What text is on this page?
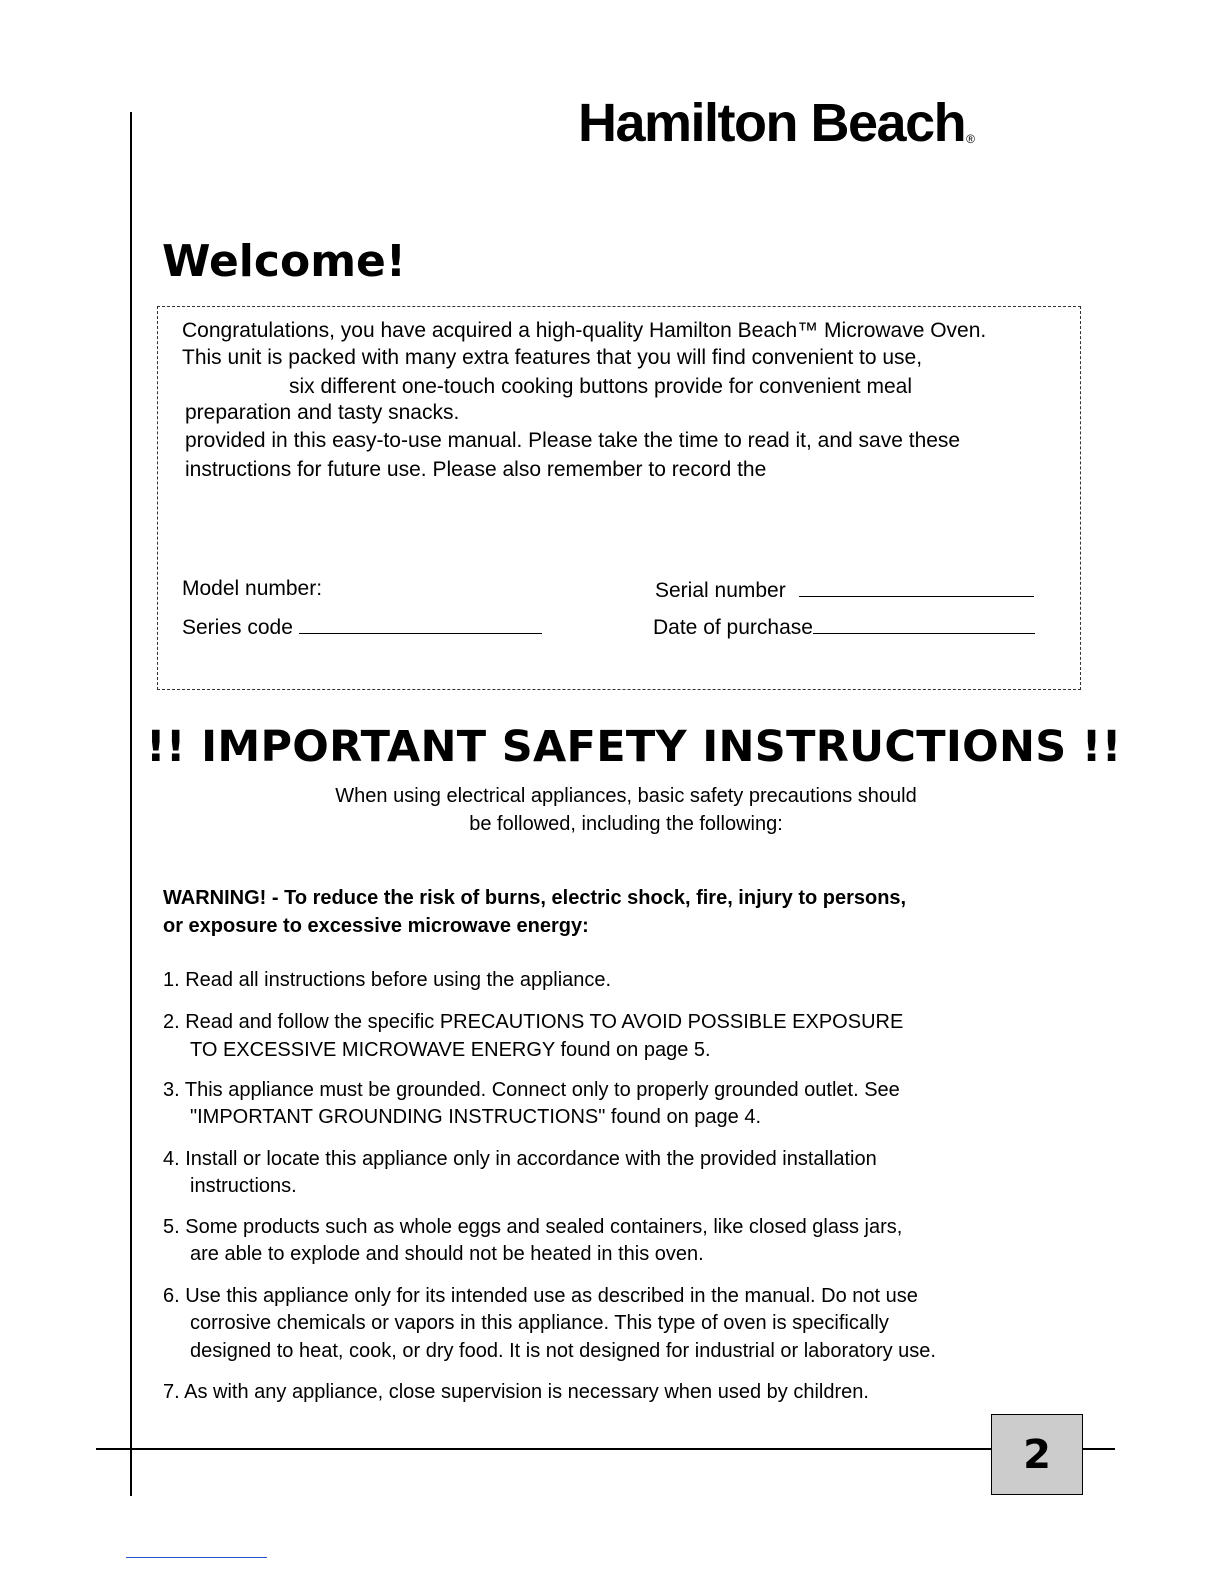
Hamilton Beach®
Welcome!
Congratulations, you have acquired a high-quality Hamilton Beach™ Microwave Oven.
This unit is packed with many extra features that you will find convenient to use,
six different one-touch cooking buttons provide for convenient meal
preparation and tasty snacks.
provided in this easy-to-use manual. Please take the time to read it, and save these
instructions for future use. Please also remember to record the
Model number:	Serial number
Series code	Date of purchase
!! IMPORTANT SAFETY INSTRUCTIONS !!
When using electrical appliances, basic safety precautions should
be followed, including the following:
WARNING! - To reduce the risk of burns, electric shock, fire, injury to persons,
or exposure to excessive microwave energy:
1. Read all instructions before using the appliance.
2. Read and follow the specific PRECAUTIONS TO AVOID POSSIBLE EXPOSURE
TO EXCESSIVE MICROWAVE ENERGY found on page 5.
3. This appliance must be grounded. Connect only to properly grounded outlet. See
"IMPORTANT GROUNDING INSTRUCTIONS" found on page 4.
4. Install or locate this appliance only in accordance with the provided installation
instructions.
5. Some products such as whole eggs and sealed containers, like closed glass jars,
are able to explode and should not be heated in this oven.
6. Use this appliance only for its intended use as described in the manual. Do not use
corrosive chemicals or vapors in this appliance. This type of oven is specifically
designed to heat, cook, or dry food. It is not designed for industrial or laboratory use.
7. As with any appliance, close supervision is necessary when used by children.
2
